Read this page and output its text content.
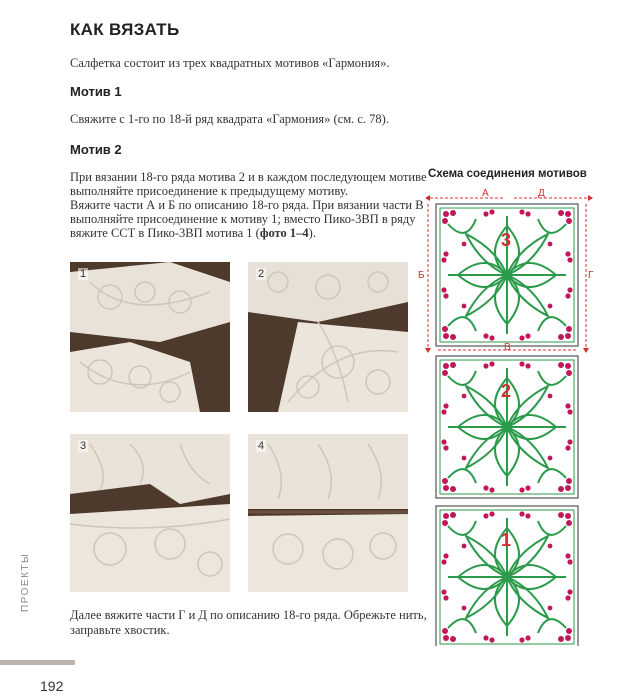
КАК ВЯЗАТЬ
Салфетка состоит из трех квадратных мотивов «Гармония».
Мотив 1
Свяжите с 1-го по 18-й ряд квадрата «Гармония» (см. с. 78).
Мотив 2
При вязании 18-го ряда мотива 2 и в каждом последующем мотиве
выполняйте присоединение к предыдущему мотиву.
Вяжите части А и Б по описанию 18-го ряда. При вязании части В
выполняйте присоединение к мотиву 1; вместо Пико-3ВП в ряду
вяжите ССТ в Пико-3ВП мотива 1 (фото 1–4).
1	2
3	4
Схема соединения мотивов
А	Д
Б	Г
В
3
2
1
Далее вяжите части Г и Д по описанию 18-го ряда. Обрежьте нить,
заправьте хвостик.
ПРОЕКТЫ
192
